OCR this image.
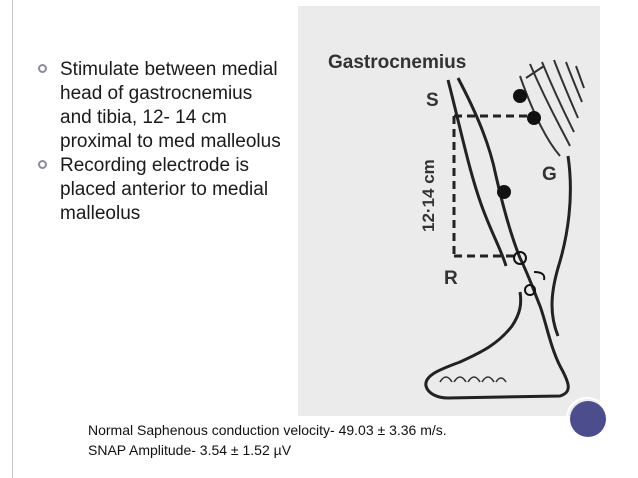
Stimulate between medial head of gastrocnemius and tibia, 12- 14 cm proximal to med malleolus
Recording electrode is placed anterior to medial malleolus
Gastrocnemius
S
G
R
12·14 cm
Normal Saphenous conduction velocity- 49.03 ± 3.36 m/s.
SNAP Amplitude- 3.54 ± 1.52 µV
